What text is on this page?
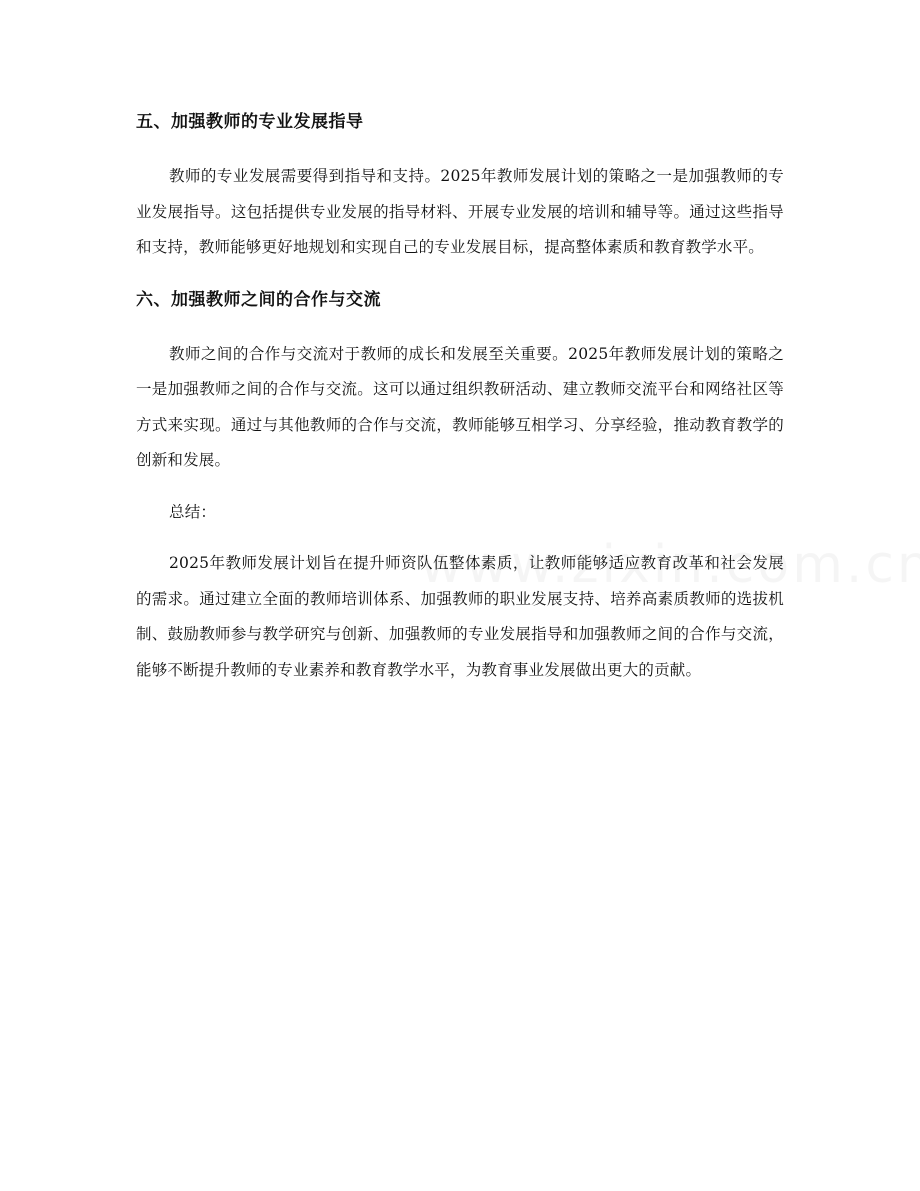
五、加强教师的专业发展指导

教师的专业发展需要得到指导和支持。2025年教师发展计划的策略之一是加强教师的专业发展指导。这包括提供专业发展的指导材料、开展专业发展的培训和辅导等。通过这些指导和支持，教师能够更好地规划和实现自己的专业发展目标，提高整体素质和教育教学水平。

六、加强教师之间的合作与交流

教师之间的合作与交流对于教师的成长和发展至关重要。2025年教师发展计划的策略之一是加强教师之间的合作与交流。这可以通过组织教研活动、建立教师交流平台和网络社区等方式来实现。通过与其他教师的合作与交流，教师能够互相学习、分享经验，推动教育教学的创新和发展。

总结：

2025年教师发展计划旨在提升师资队伍整体素质，让教师能够适应教育改革和社会发展的需求。通过建立全面的教师培训体系、加强教师的职业发展支持、培养高素质教师的选拔机制、鼓励教师参与教学研究与创新、加强教师的专业发展指导和加强教师之间的合作与交流，能够不断提升教师的专业素养和教育教学水平，为教育事业发展做出更大的贡献。
